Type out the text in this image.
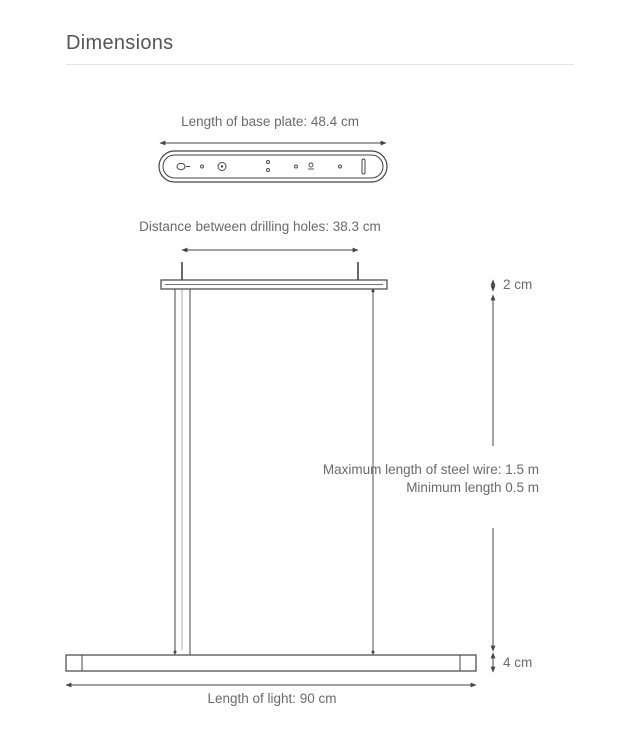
Dimensions
Length of base plate: 48.4 cm
Distance between drilling holes: 38.3 cm
Length of light: 90 cm
2 cm
Maximum length of steel wire: 1.5 m
Minimum length 0.5 m
4 cm
